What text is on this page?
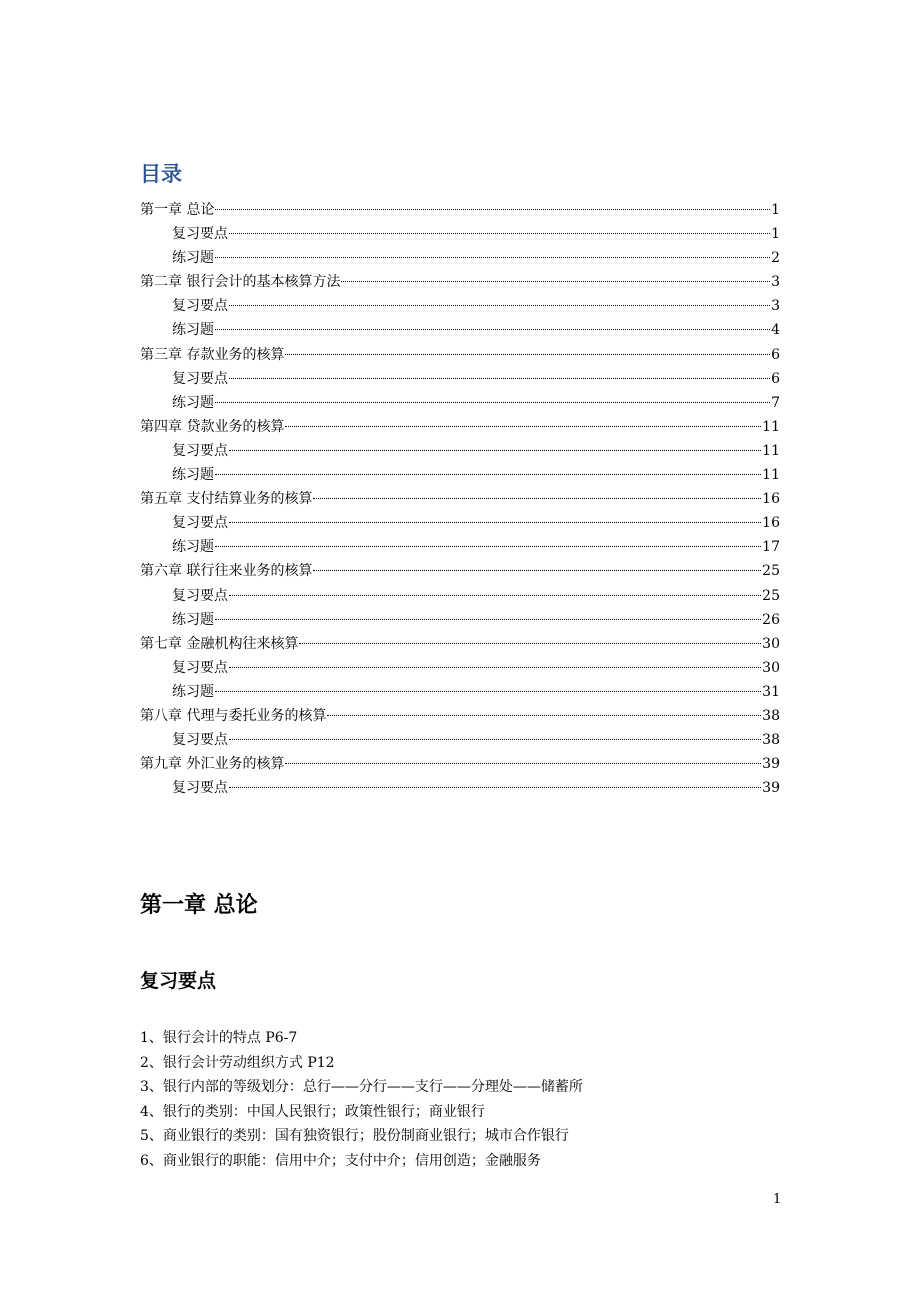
目录
第一章 总论	1
复习要点	1
练习题	2
第二章 银行会计的基本核算方法	3
复习要点	3
练习题	4
第三章 存款业务的核算	6
复习要点	6
练习题	7
第四章 贷款业务的核算	11
复习要点	11
练习题	11
第五章 支付结算业务的核算	16
复习要点	16
练习题	17
第六章 联行往来业务的核算	25
复习要点	25
练习题	26
第七章 金融机构往来核算	30
复习要点	30
练习题	31
第八章 代理与委托业务的核算	38
复习要点	38
第九章 外汇业务的核算	39
复习要点	39
第一章 总论
复习要点
1、银行会计的特点 P6-7
2、银行会计劳动组织方式 P12
3、银行内部的等级划分：总行——分行——支行——分理处——储蓄所
4、银行的类别：中国人民银行；政策性银行；商业银行
5、商业银行的类别：国有独资银行；股份制商业银行；城市合作银行
6、商业银行的职能：信用中介；支付中介；信用创造；金融服务
1
